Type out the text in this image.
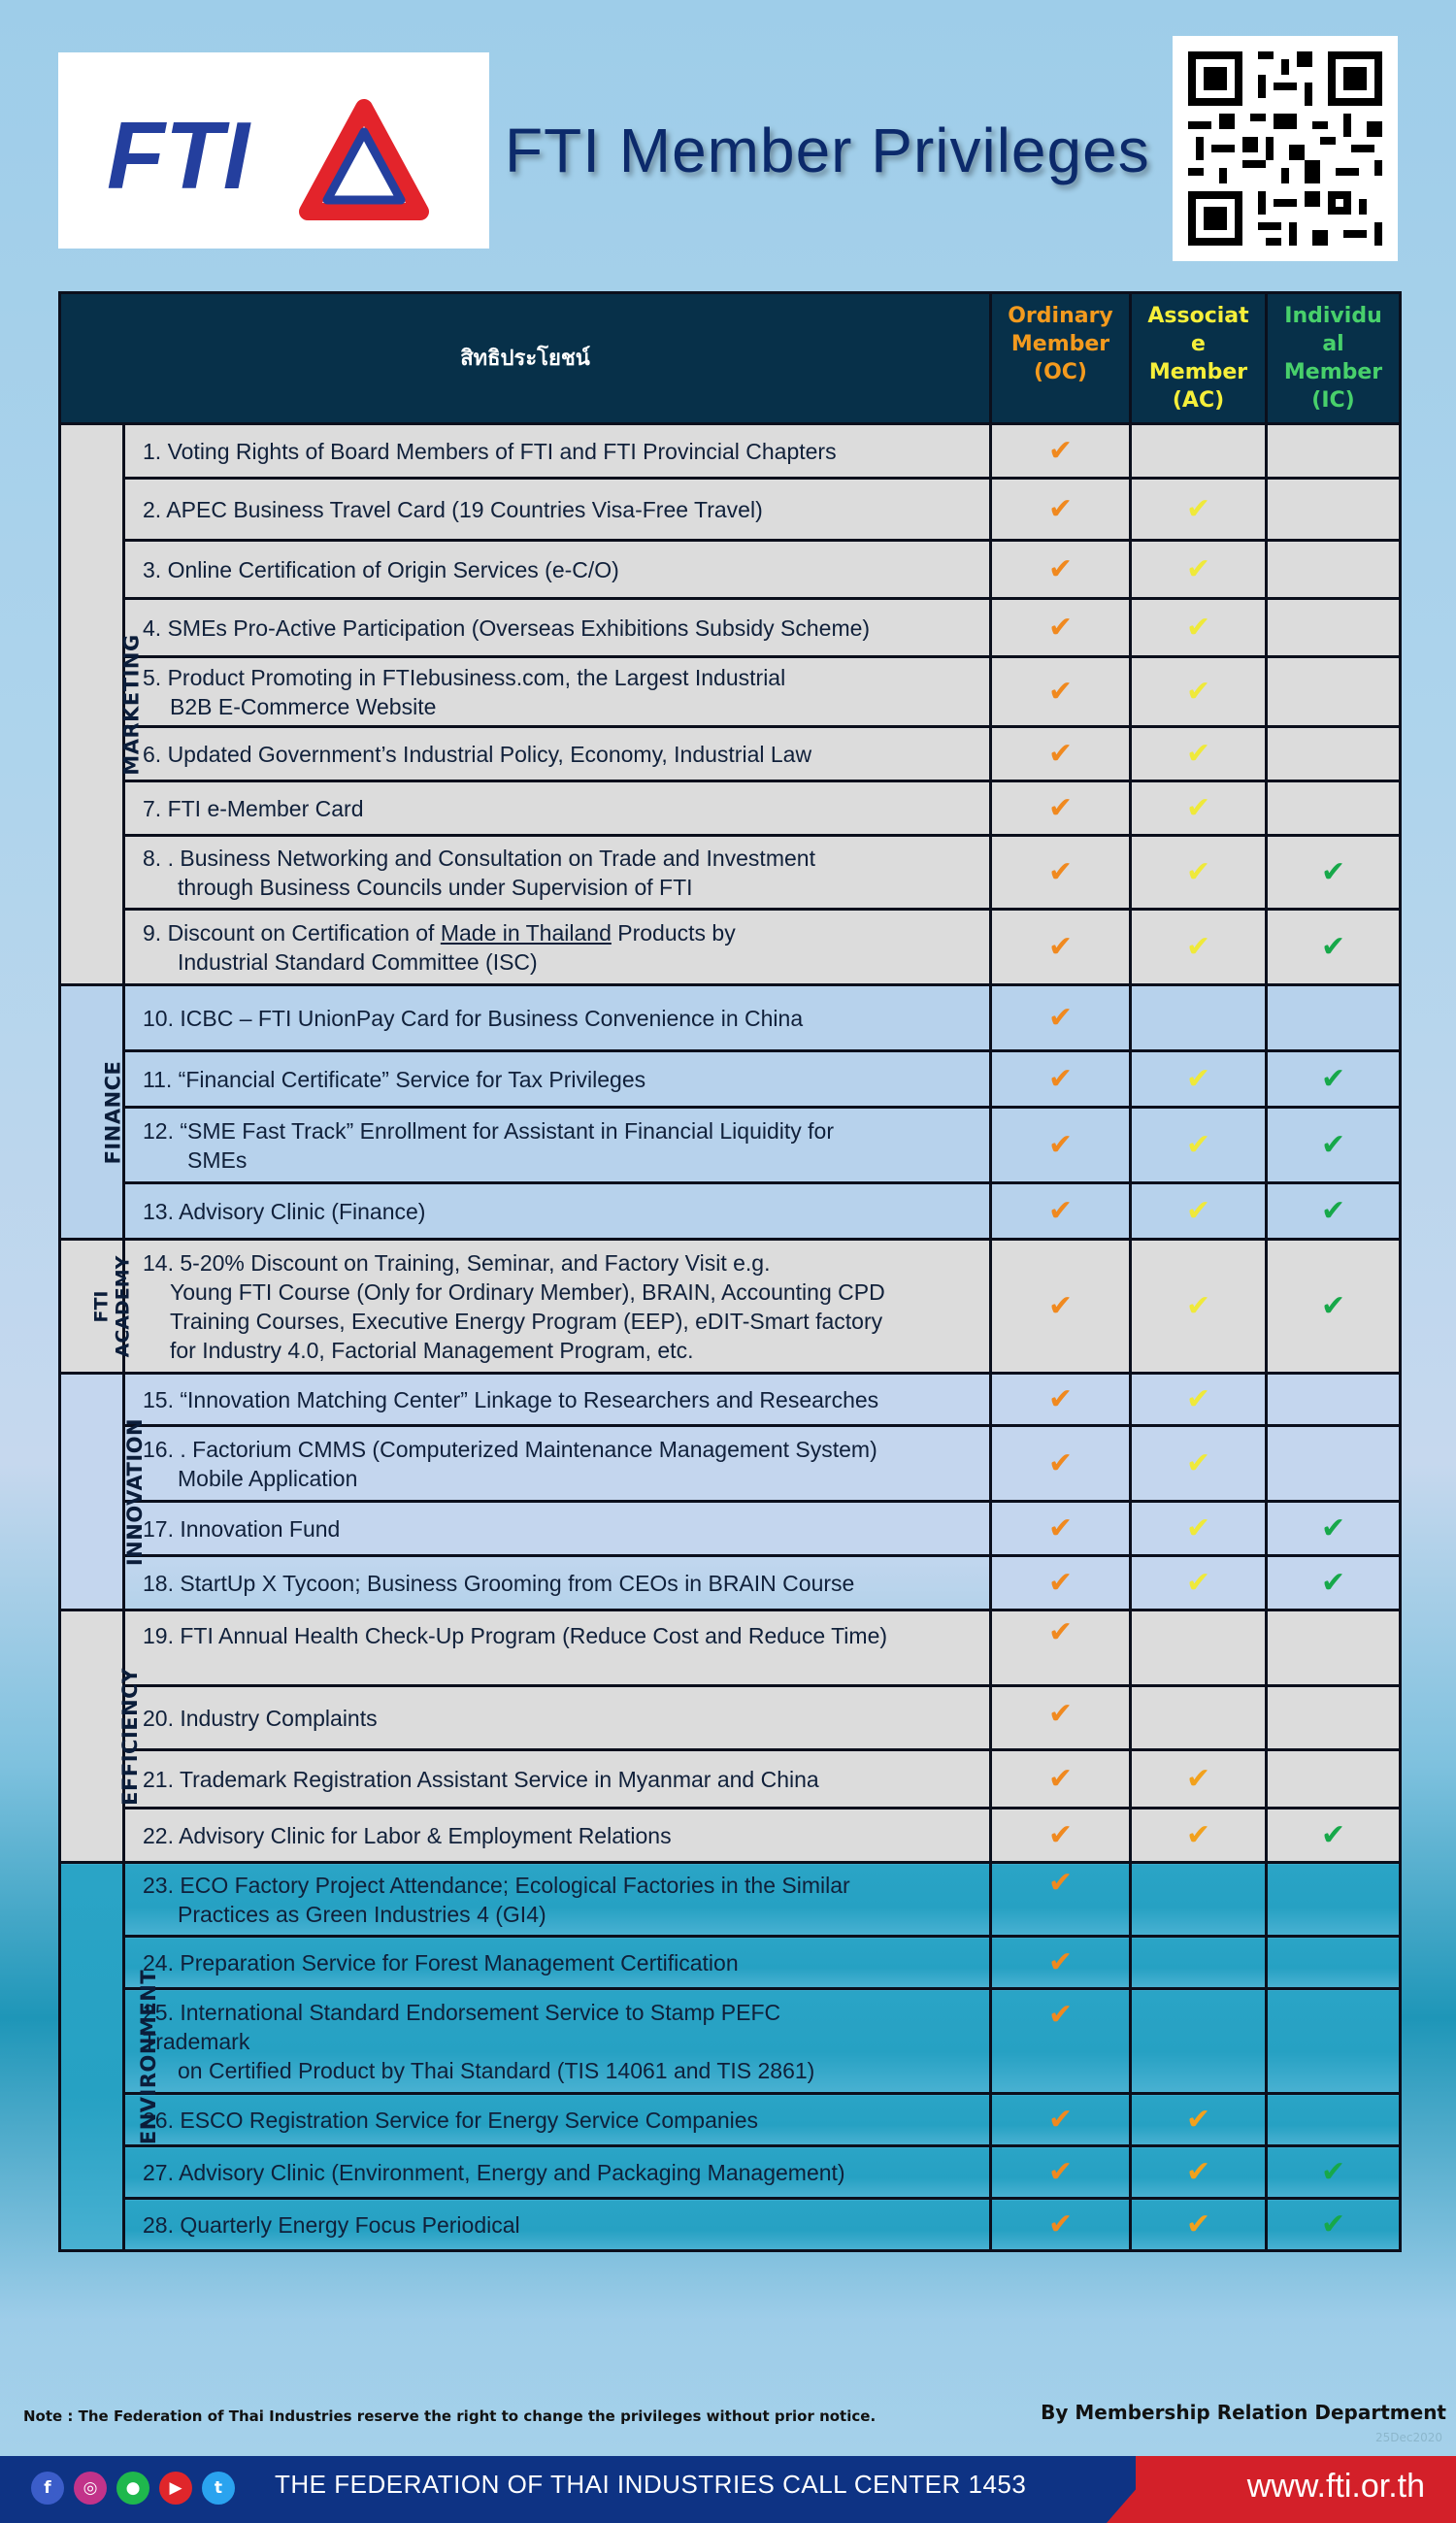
FTI	FTI Member Privileges
สิทธิประโยชน์		Ordinary
Member
(OC)	Associat
e
Member
(AC)	Individu
al
Member
(IC)
MARKETING	1. Voting Rights of Board Members of FTI and FTI Provincial Chapters	✔		
	2. APEC Business Travel Card (19 Countries Visa-Free Travel)	✔	✔	
	3. Online Certification of Origin Services (e-C/O)	✔	✔	
	4. SMEs Pro-Active Participation (Overseas Exhibitions Subsidy Scheme)	✔	✔	
	5. Product Promoting in FTIebusiness.com, the Largest Industrial
B2B E-Commerce Website	✔	✔	
	6. Updated Government’s Industrial Policy, Economy, Industrial Law	✔	✔	
	7. FTI e-Member Card	✔	✔	
	8. . Business Networking and Consultation on Trade and Investment
through Business Councils under Supervision of FTI	✔	✔	✔
	9. Discount on Certification of Made in Thailand Products by
Industrial Standard Committee (ISC)	✔	✔	✔
FINANCE	10. ICBC – FTI UnionPay Card for Business Convenience in China	✔		
	11. “Financial Certificate” Service for Tax Privileges	✔	✔	✔
	12. “SME Fast Track” Enrollment for Assistant in Financial Liquidity for
SMEs	✔	✔	✔
	13. Advisory Clinic (Finance)	✔	✔	✔
FTI
ACADEMY	14. 5-20% Discount on Training, Seminar, and Factory Visit e.g.
Young FTI Course (Only for Ordinary Member), BRAIN, Accounting CPD
Training Courses, Executive Energy Program (EEP), eDIT-Smart factory
for Industry 4.0, Factorial Management Program, etc.	✔	✔	✔
INNOVATION	15. “Innovation Matching Center” Linkage to Researchers and Researches	✔	✔	
	16. . Factorium CMMS (Computerized Maintenance Management System)
Mobile Application	✔	✔	
	17. Innovation Fund	✔	✔	✔
	18. StartUp X Tycoon; Business Grooming from CEOs in BRAIN Course	✔	✔	✔
EFFICIENCY	19. FTI Annual Health Check-Up Program (Reduce Cost and Reduce Time)	✔		
	20. Industry Complaints	✔		
	21. Trademark Registration Assistant Service in Myanmar and China	✔	✔	
	22. Advisory Clinic for Labor & Employment Relations	✔	✔	✔
ENVIRONMENT	23. ECO Factory Project Attendance; Ecological Factories in the Similar
Practices as Green Industries 4 (GI4)	✔		
	24. Preparation Service for Forest Management Certification	✔		
	25. International Standard Endorsement Service to Stamp PEFC
Trademark
on Certified Product by Thai Standard (TIS 14061 and TIS 2861)	✔		
	26. ESCO Registration Service for Energy Service Companies	✔	✔	
	27. Advisory Clinic (Environment, Energy and Packaging Management)	✔	✔	✔
	28. Quarterly Energy Focus Periodical	✔	✔	✔
Note : The Federation of Thai Industries reserve the right to change the privileges without prior notice.	By Membership Relation Department
25Dec2020
f	◎	●	▶	t	THE FEDERATION OF THAI INDUSTRIES CALL CENTER 1453	www.fti.or.th
